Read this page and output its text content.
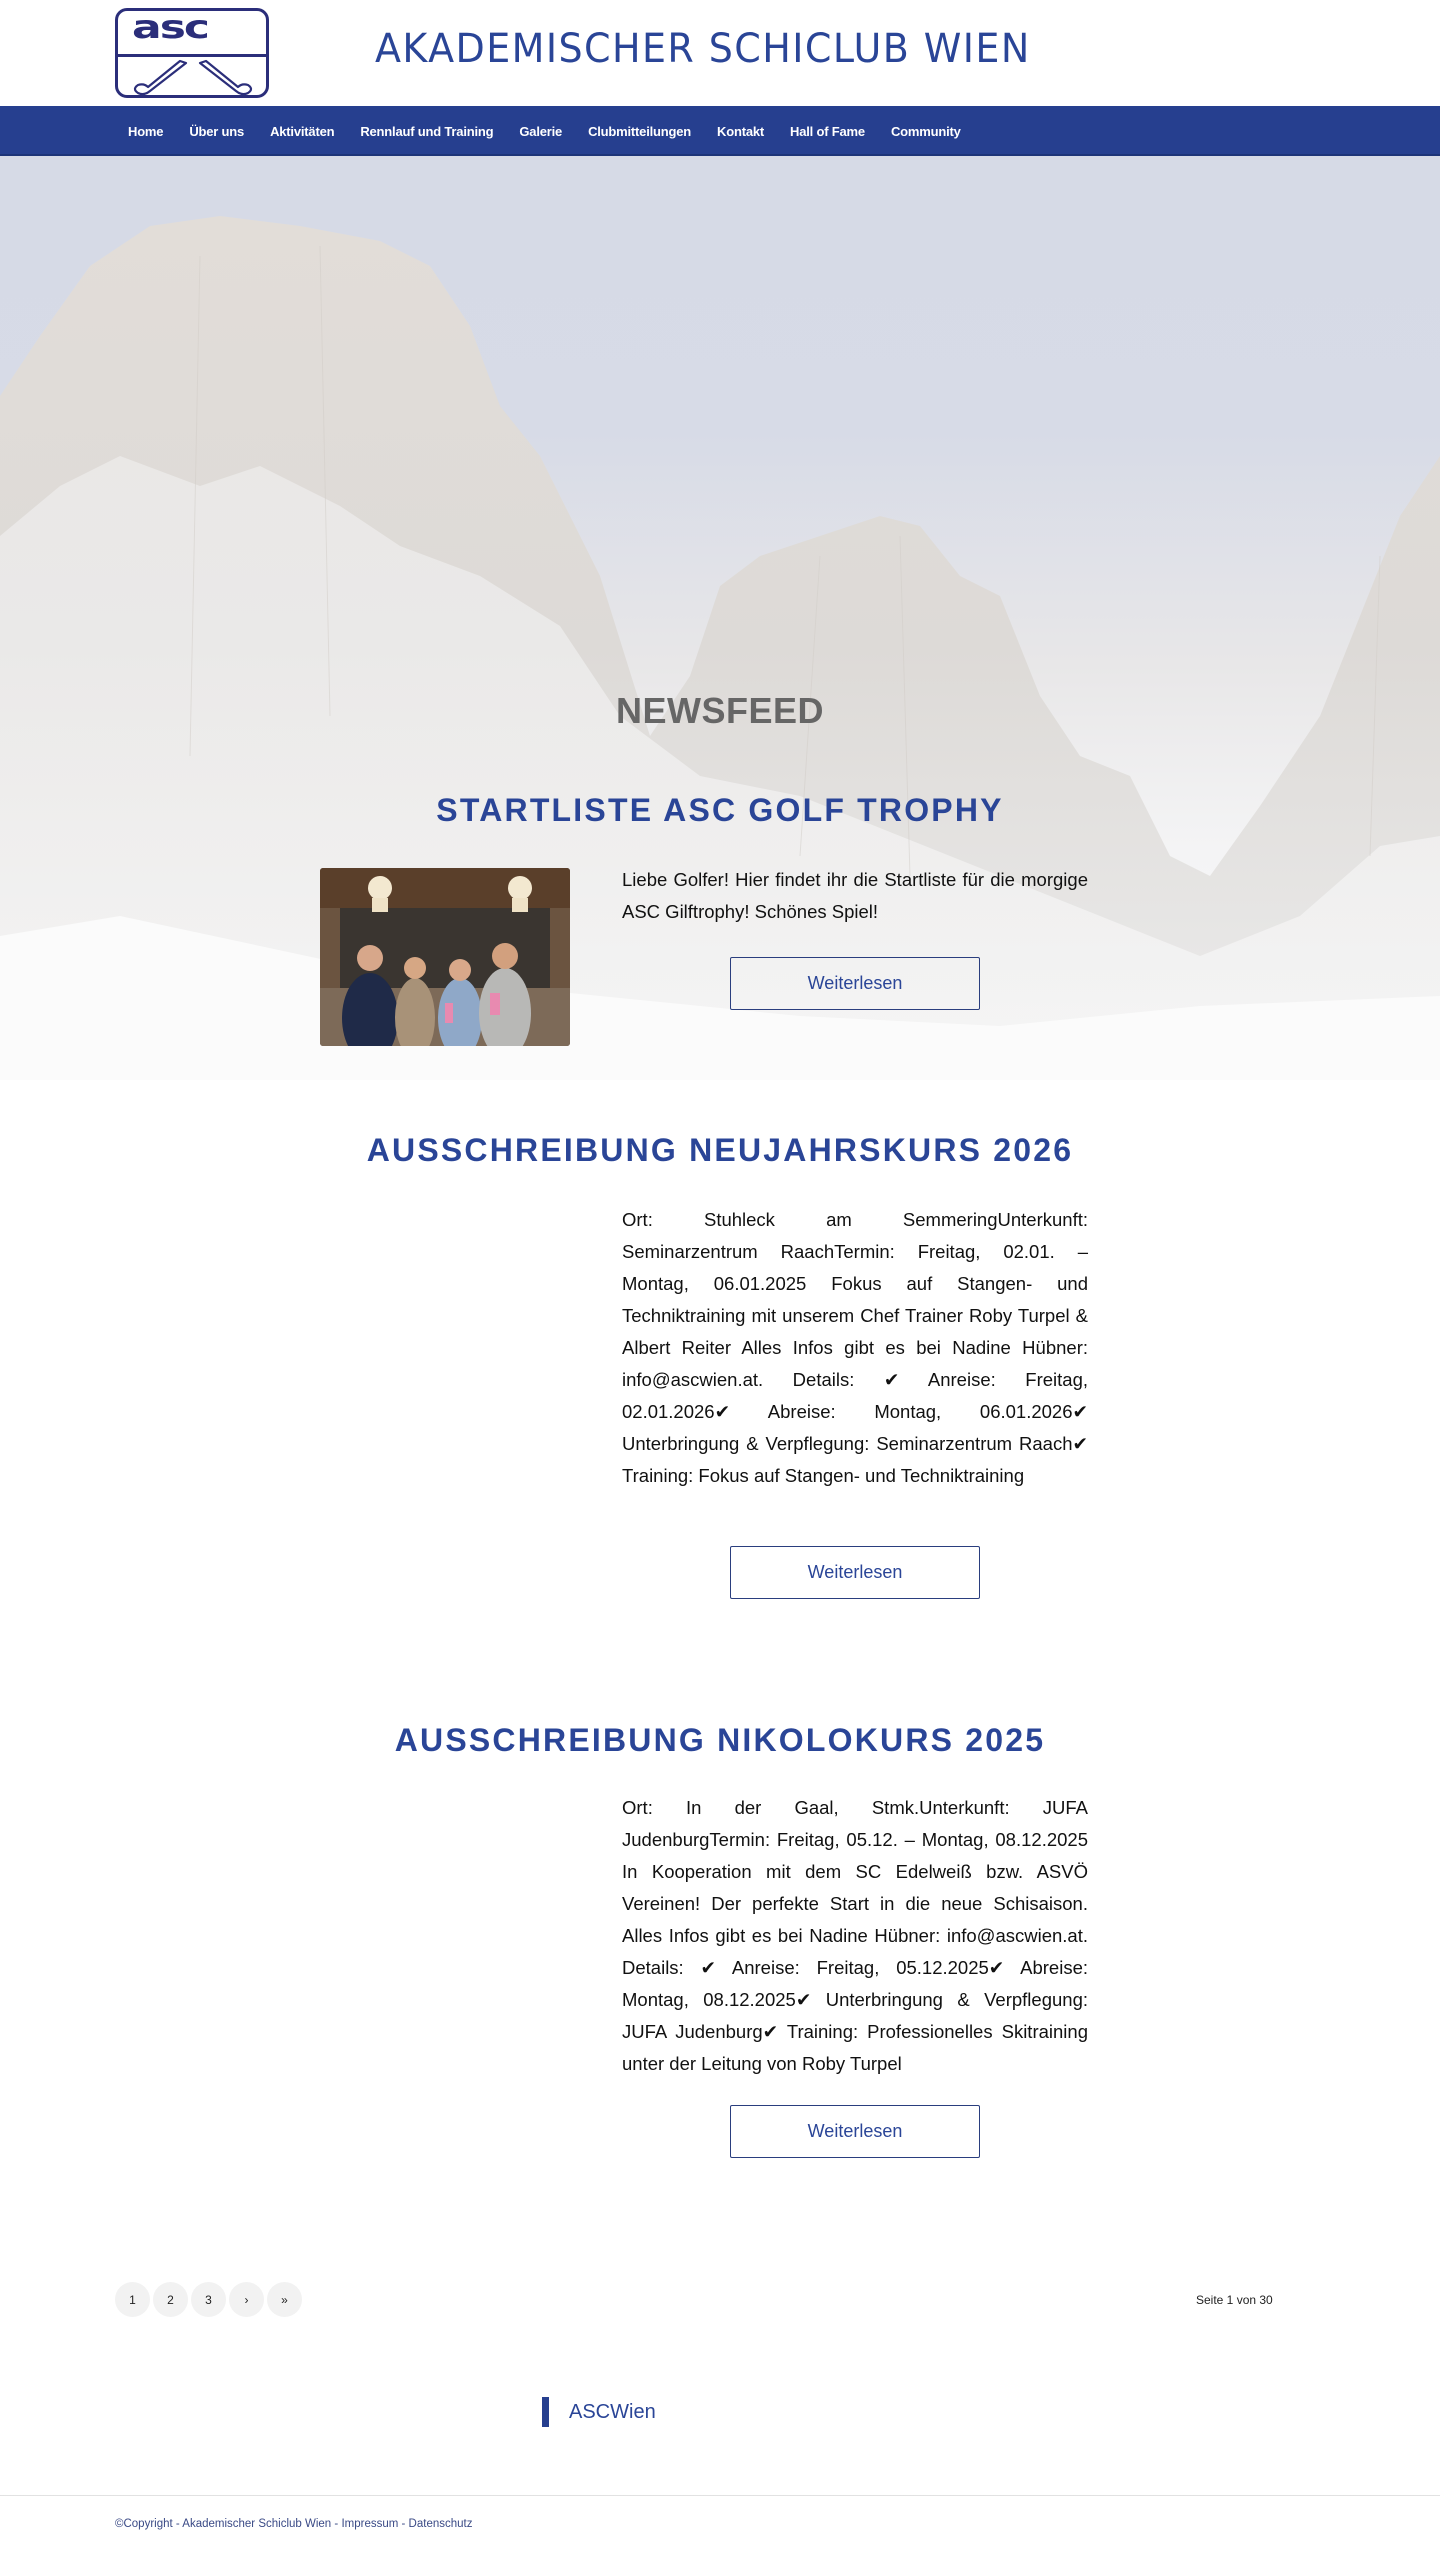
asc	AKADEMISCHER SCHICLUB WIEN
Home	Über uns	Aktivitäten	Rennlauf und Training	Galerie	Clubmitteilungen	Kontakt	Hall of Fame	Community
NEWSFEED
STARTLISTE ASC GOLF TROPHY

Liebe Golfer! Hier findet ihr die Startliste für die morgige ASC Gilftrophy! Schönes Spiel!

Weiterlesen
AUSSCHREIBUNG NEUJAHRSKURS 2026

Ort: Stuhleck am SemmeringUnterkunft: Seminarzentrum RaachTermin: Freitag, 02.01. – Montag, 06.01.2025 Fokus auf Stangen- und Techniktraining mit unserem Chef Trainer Roby Turpel & Albert Reiter Alles Infos gibt es bei Nadine Hübner: info@ascwien.at. Details: ✔ Anreise: Freitag, 02.01.2026✔ Abreise: Montag, 06.01.2026✔ Unterbringung & Verpflegung: Seminarzentrum Raach✔ Training: Fokus auf Stangen- und Techniktraining

Weiterlesen
AUSSCHREIBUNG NIKOLOKURS 2025

Ort: In der Gaal, Stmk.Unterkunft: JUFA JudenburgTermin: Freitag, 05.12. – Montag, 08.12.2025 In Kooperation mit dem SC Edelweiß bzw. ASVÖ Vereinen! Der perfekte Start in die neue Schisaison. Alles Infos gibt es bei Nadine Hübner: info@ascwien.at. Details: ✔ Anreise: Freitag, 05.12.2025✔ Abreise: Montag, 08.12.2025✔ Unterbringung & Verpflegung: JUFA Judenburg✔ Training: Professionelles Skitraining unter der Leitung von Roby Turpel

Weiterlesen
1	2	3	›	»	Seite 1 von 30
ASCWien
©Copyright - Akademischer Schiclub Wien - Impressum - Datenschutz
